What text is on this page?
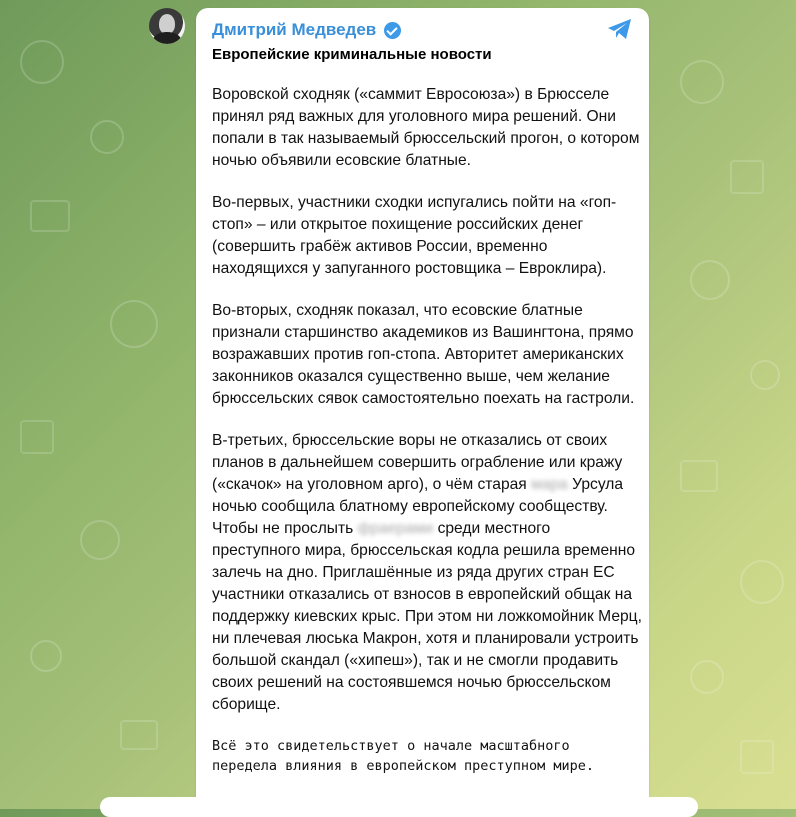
Дмитрий Медведев
Европейские криминальные новости

Воровской сходняк («саммит Евросоюза») в Брюсселе принял ряд важных для уголовного мира решений. Они попали в так называемый брюссельский прогон, о котором ночью объявили есовские блатные.

Во-первых, участники сходки испугались пойти на «гоп-стоп» – или открытое похищение российских денег (совершить грабёж активов России, временно находящихся у запуганного ростовщика – Евроклира).

Во-вторых, сходняк показал, что есовские блатные признали старшинство академиков из Вашингтона, прямо возражавших против гоп-стопа. Авторитет американских законников оказался существенно выше, чем желание брюссельских сявок самостоятельно поехать на гастроли.

В-третьих, брюссельские воры не отказались от своих планов в дальнейшем совершить ограбление или кражу («скачок» на уголовном арго), о чём старая мара Урсула ночью сообщила блатному европейскому сообществу. Чтобы не прослыть фраерами среди местного преступного мира, брюссельская кодла решила временно залечь на дно. Приглашённые из ряда других стран ЕС участники отказались от взносов в европейский общак на поддержку киевских крыс. При этом ни ложкомойник Мерц, ни плечевая люська Макрон, хотя и планировали устроить большой скандал («хипеш»), так и не смогли продавить своих решений на состоявшемся ночью брюссельском сборище.

Всё это свидетельствует о начале масштабного передела влияния в европейском преступном мире.
